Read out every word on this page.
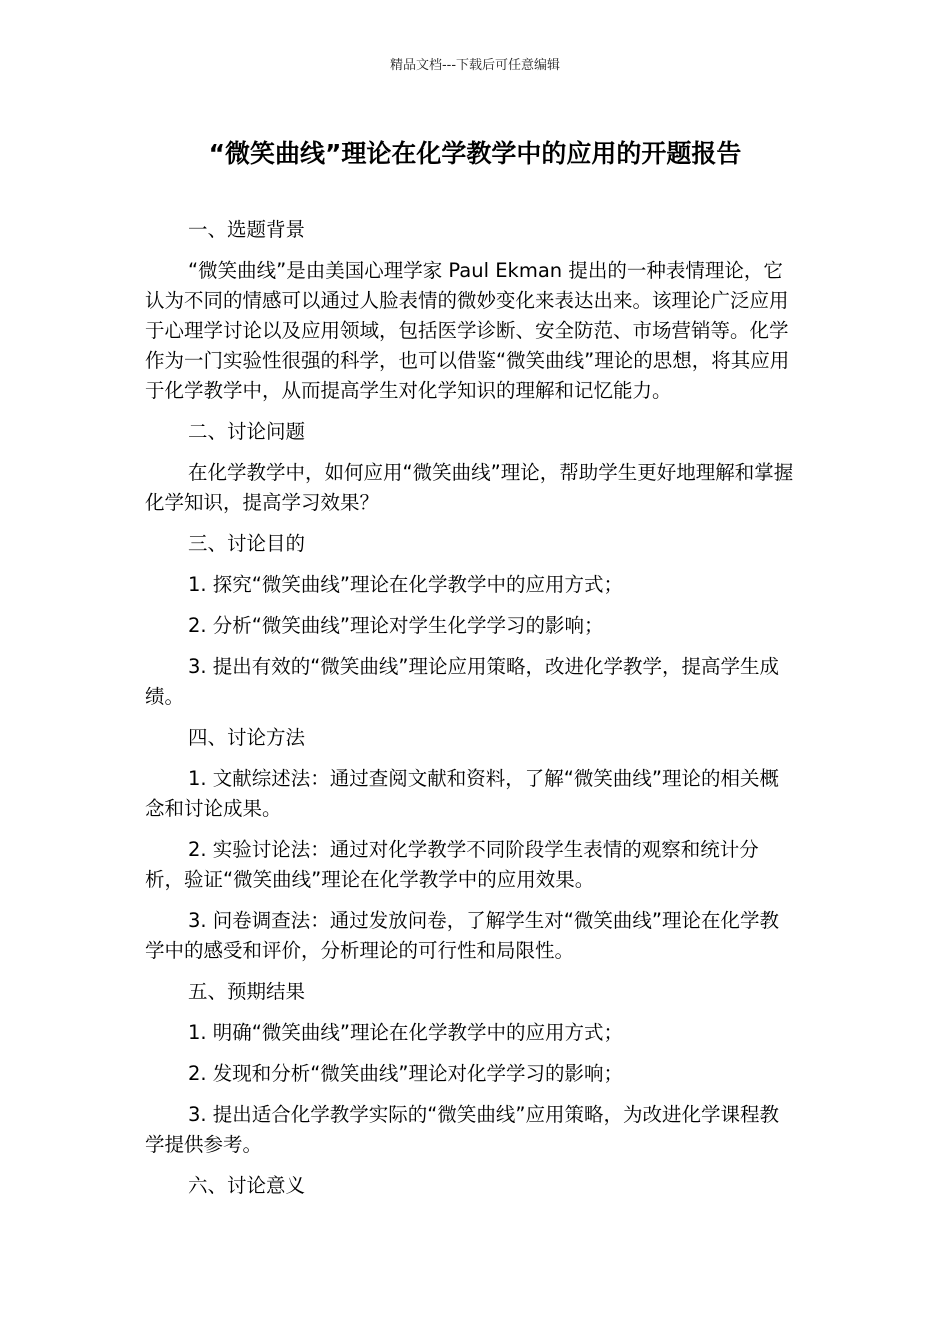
精品文档---下载后可任意编辑
“微笑曲线”理论在化学教学中的应用的开题报告

一、选题背景

“微笑曲线”是由美国心理学家 Paul Ekman 提出的一种表情理论，它认为不同的情感可以通过人脸表情的微妙变化来表达出来。该理论广泛应用于心理学讨论以及应用领域，包括医学诊断、安全防范、市场营销等。化学作为一门实验性很强的科学，也可以借鉴“微笑曲线”理论的思想，将其应用于化学教学中，从而提高学生对化学知识的理解和记忆能力。

二、讨论问题

在化学教学中，如何应用“微笑曲线”理论，帮助学生更好地理解和掌握化学知识，提高学习效果？

三、讨论目的

1. 探究“微笑曲线”理论在化学教学中的应用方式；

2. 分析“微笑曲线”理论对学生化学学习的影响；

3. 提出有效的“微笑曲线”理论应用策略，改进化学教学，提高学生成绩。

四、讨论方法

1. 文献综述法：通过查阅文献和资料，了解“微笑曲线”理论的相关概念和讨论成果。

2. 实验讨论法：通过对化学教学不同阶段学生表情的观察和统计分析，验证“微笑曲线”理论在化学教学中的应用效果。

3. 问卷调查法：通过发放问卷，了解学生对“微笑曲线”理论在化学教学中的感受和评价，分析理论的可行性和局限性。

五、预期结果

1. 明确“微笑曲线”理论在化学教学中的应用方式；

2. 发现和分析“微笑曲线”理论对化学学习的影响；

3. 提出适合化学教学实际的“微笑曲线”应用策略，为改进化学课程教学提供参考。

六、讨论意义
